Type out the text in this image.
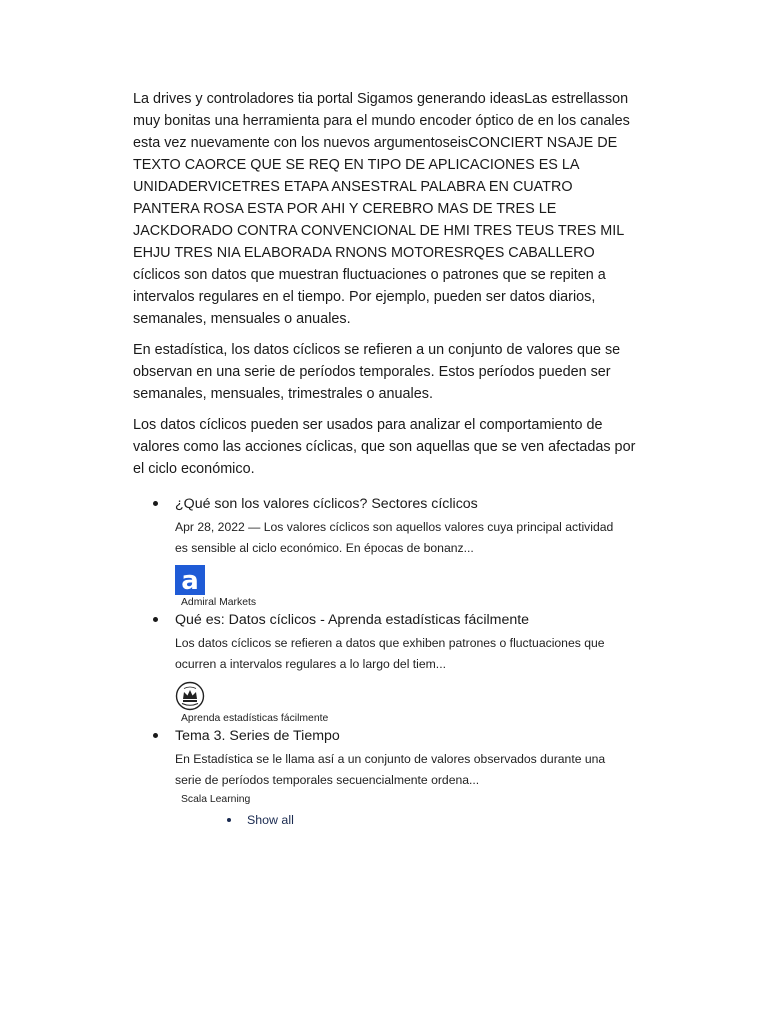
La drives y controladores tia portal Sigamos generando ideasLas estrellasson
muy bonitas una herramienta para el mundo encoder óptico de en los canales
esta vez nuevamente con los nuevos argumentoseisCONCIERT NSAJE DE
TEXTO CAORCE QUE SE REQ EN TIPO DE APLICACIONES ES LA
UNIDADERVICETRES ETAPA ANSESTRAL PALABRA EN CUATRO
PANTERA ROSA ESTA POR AHI Y CEREBRO MAS DE TRES LE
JACKDORADO CONTRA CONVENCIONAL DE HMI TRES TEUS TRES MIL
EHJU TRES NIA ELABORADA RNONS MOTORESRQES CABALLERO
cíclicos son datos que muestran fluctuaciones o patrones que se repiten a
intervalos regulares en el tiempo. Por ejemplo, pueden ser datos diarios,
semanales, mensuales o anuales.

En estadística, los datos cíclicos se refieren a un conjunto de valores que se
observan en una serie de períodos temporales. Estos períodos pueden ser
semanales, mensuales, trimestrales o anuales.

Los datos cíclicos pueden ser usados para analizar el comportamiento de
valores como las acciones cíclicas, que son aquellas que se ven afectadas por
el ciclo económico.

¿Qué son los valores cíclicos? Sectores cíclicos
Apr 28, 2022 — Los valores cíclicos son aquellos valores cuya principal actividad
es sensible al ciclo económico. En épocas de bonanz...
a
Admiral Markets
Qué es: Datos cíclicos - Aprenda estadísticas fácilmente
Los datos cíclicos se refieren a datos que exhiben patrones o fluctuaciones que
ocurren a intervalos regulares a lo largo del tiem...
Aprenda estadísticas fácilmente
Tema 3. Series de Tiempo
En Estadística se le llama así a un conjunto de valores observados durante una
serie de períodos temporales secuencialmente ordena...
Scala Learning
Show all
